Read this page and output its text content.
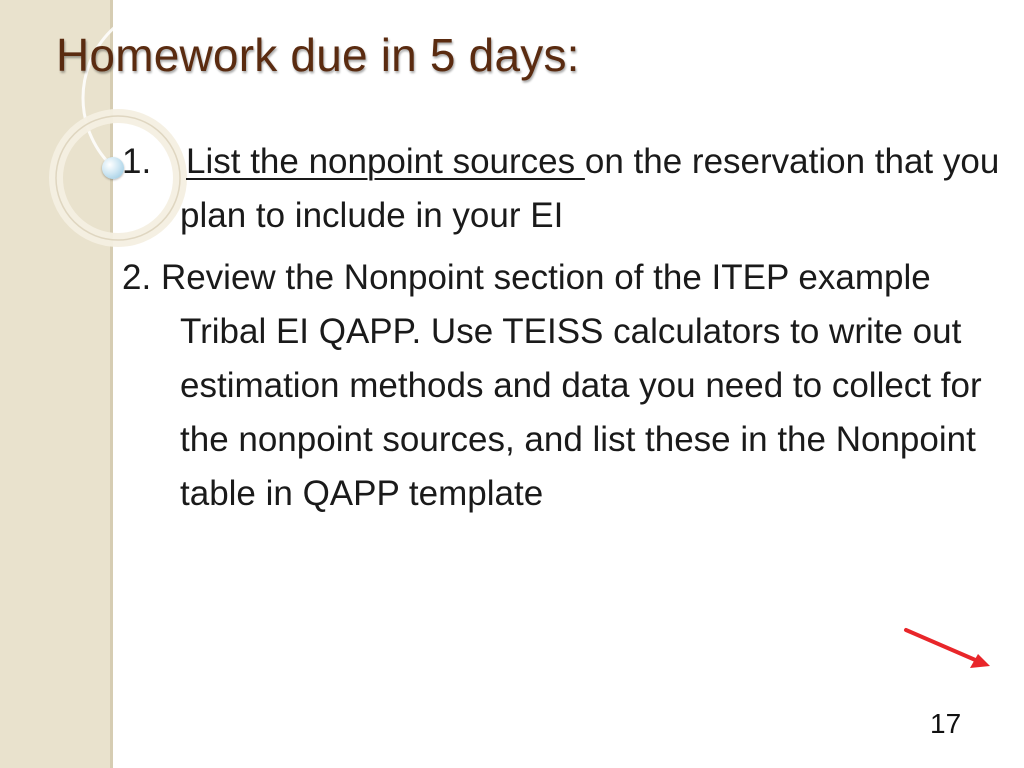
Homework due in 5 days:
1. List the nonpoint sources on the reservation that you plan to include in your EI
2. Review the Nonpoint section of the ITEP example Tribal EI QAPP. Use TEISS calculators to write out estimation methods and data you need to collect for the nonpoint sources, and list these in the Nonpoint table in QAPP template
17
